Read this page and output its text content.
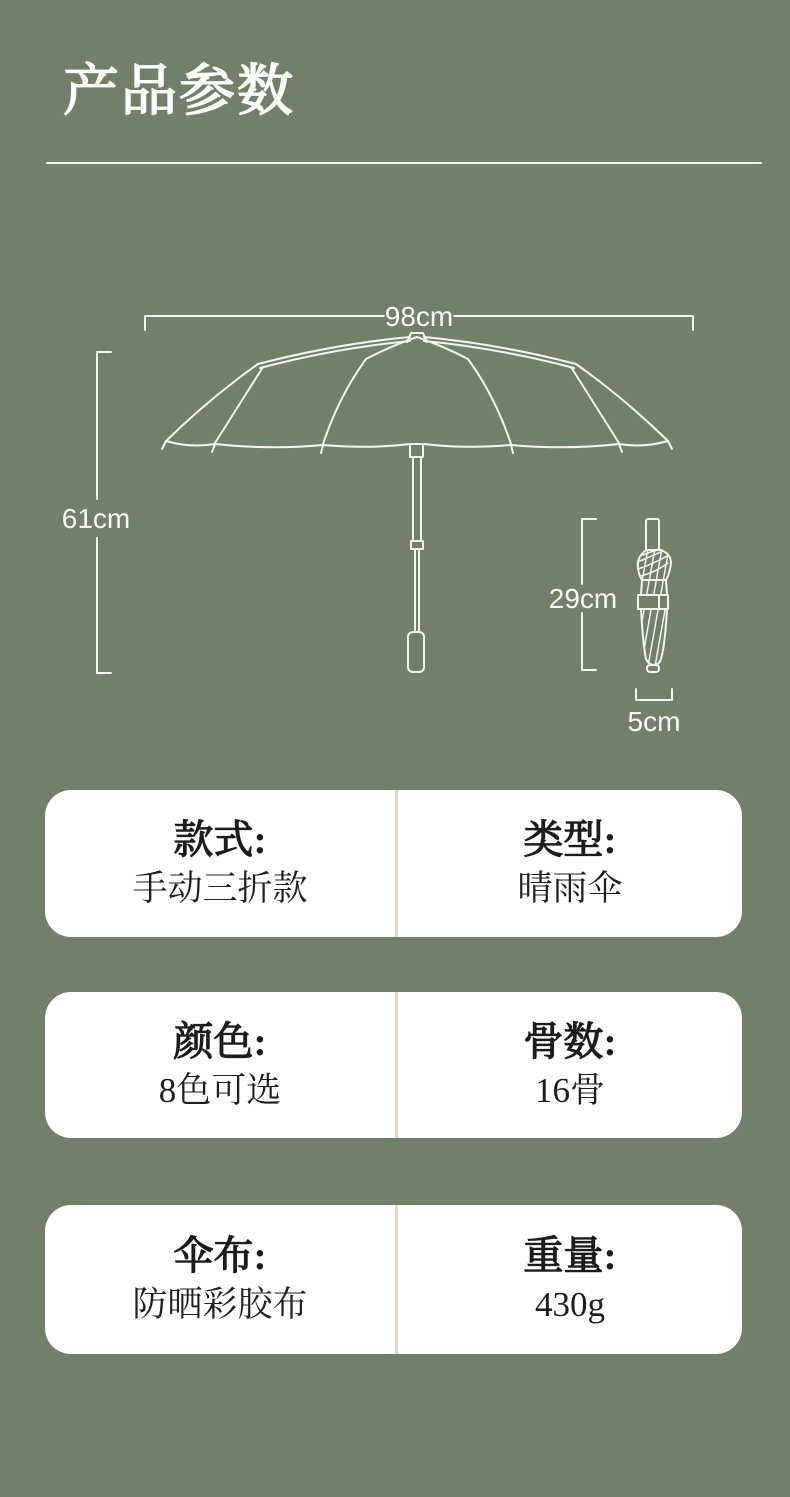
产品参数
98cm
61cm
29cm
5cm
款式:
手动三折款
类型:
晴雨伞
颜色:
8色可选
骨数:
16骨
伞布:
防晒彩胶布
重量:
430g
